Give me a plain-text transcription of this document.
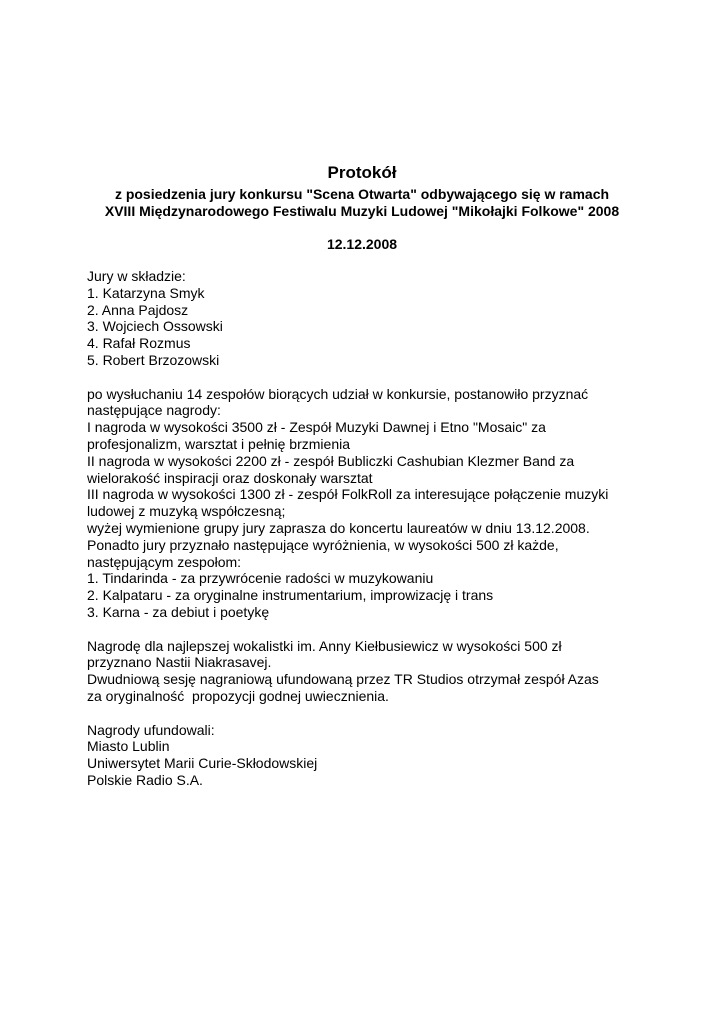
Protokół
z posiedzenia jury konkursu "Scena Otwarta" odbywającego się w ramach
XVIII Międzynarodowego Festiwalu Muzyki Ludowej "Mikołajki Folkowe" 2008
12.12.2008
Jury w składzie:
1. Katarzyna Smyk
2. Anna Pajdosz
3. Wojciech Ossowski
4. Rafał Rozmus
5. Robert Brzozowski
po wysłuchaniu 14 zespołów biorących udział w konkursie, postanowiło przyznać
następujące nagrody:
I nagroda w wysokości 3500 zł - Zespół Muzyki Dawnej i Etno "Mosaic" za
profesjonalizm, warsztat i pełnię brzmienia
II nagroda w wysokości 2200 zł - zespół Bubliczki Cashubian Klezmer Band za
wielorakość inspiracji oraz doskonały warsztat
III nagroda w wysokości 1300 zł - zespół FolkRoll za interesujące połączenie muzyki
ludowej z muzyką współczesną;
wyżej wymienione grupy jury zaprasza do koncertu laureatów w dniu 13.12.2008.
Ponadto jury przyznało następujące wyróżnienia, w wysokości 500 zł każde,
następującym zespołom:
1. Tindarinda - za przywrócenie radości w muzykowaniu
2. Kalpataru - za oryginalne instrumentarium, improwizację i trans
3. Karna - za debiut i poetykę
Nagrodę dla najlepszej wokalistki im. Anny Kiełbusiewicz w wysokości 500 zł
przyznano Nastii Niakrasavej.
Dwudniową sesję nagraniową ufundowaną przez TR Studios otrzymał zespół Azas
za oryginalność  propozycji godnej uwiecznienia.
Nagrody ufundowali:
Miasto Lublin
Uniwersytet Marii Curie-Skłodowskiej
Polskie Radio S.A.
